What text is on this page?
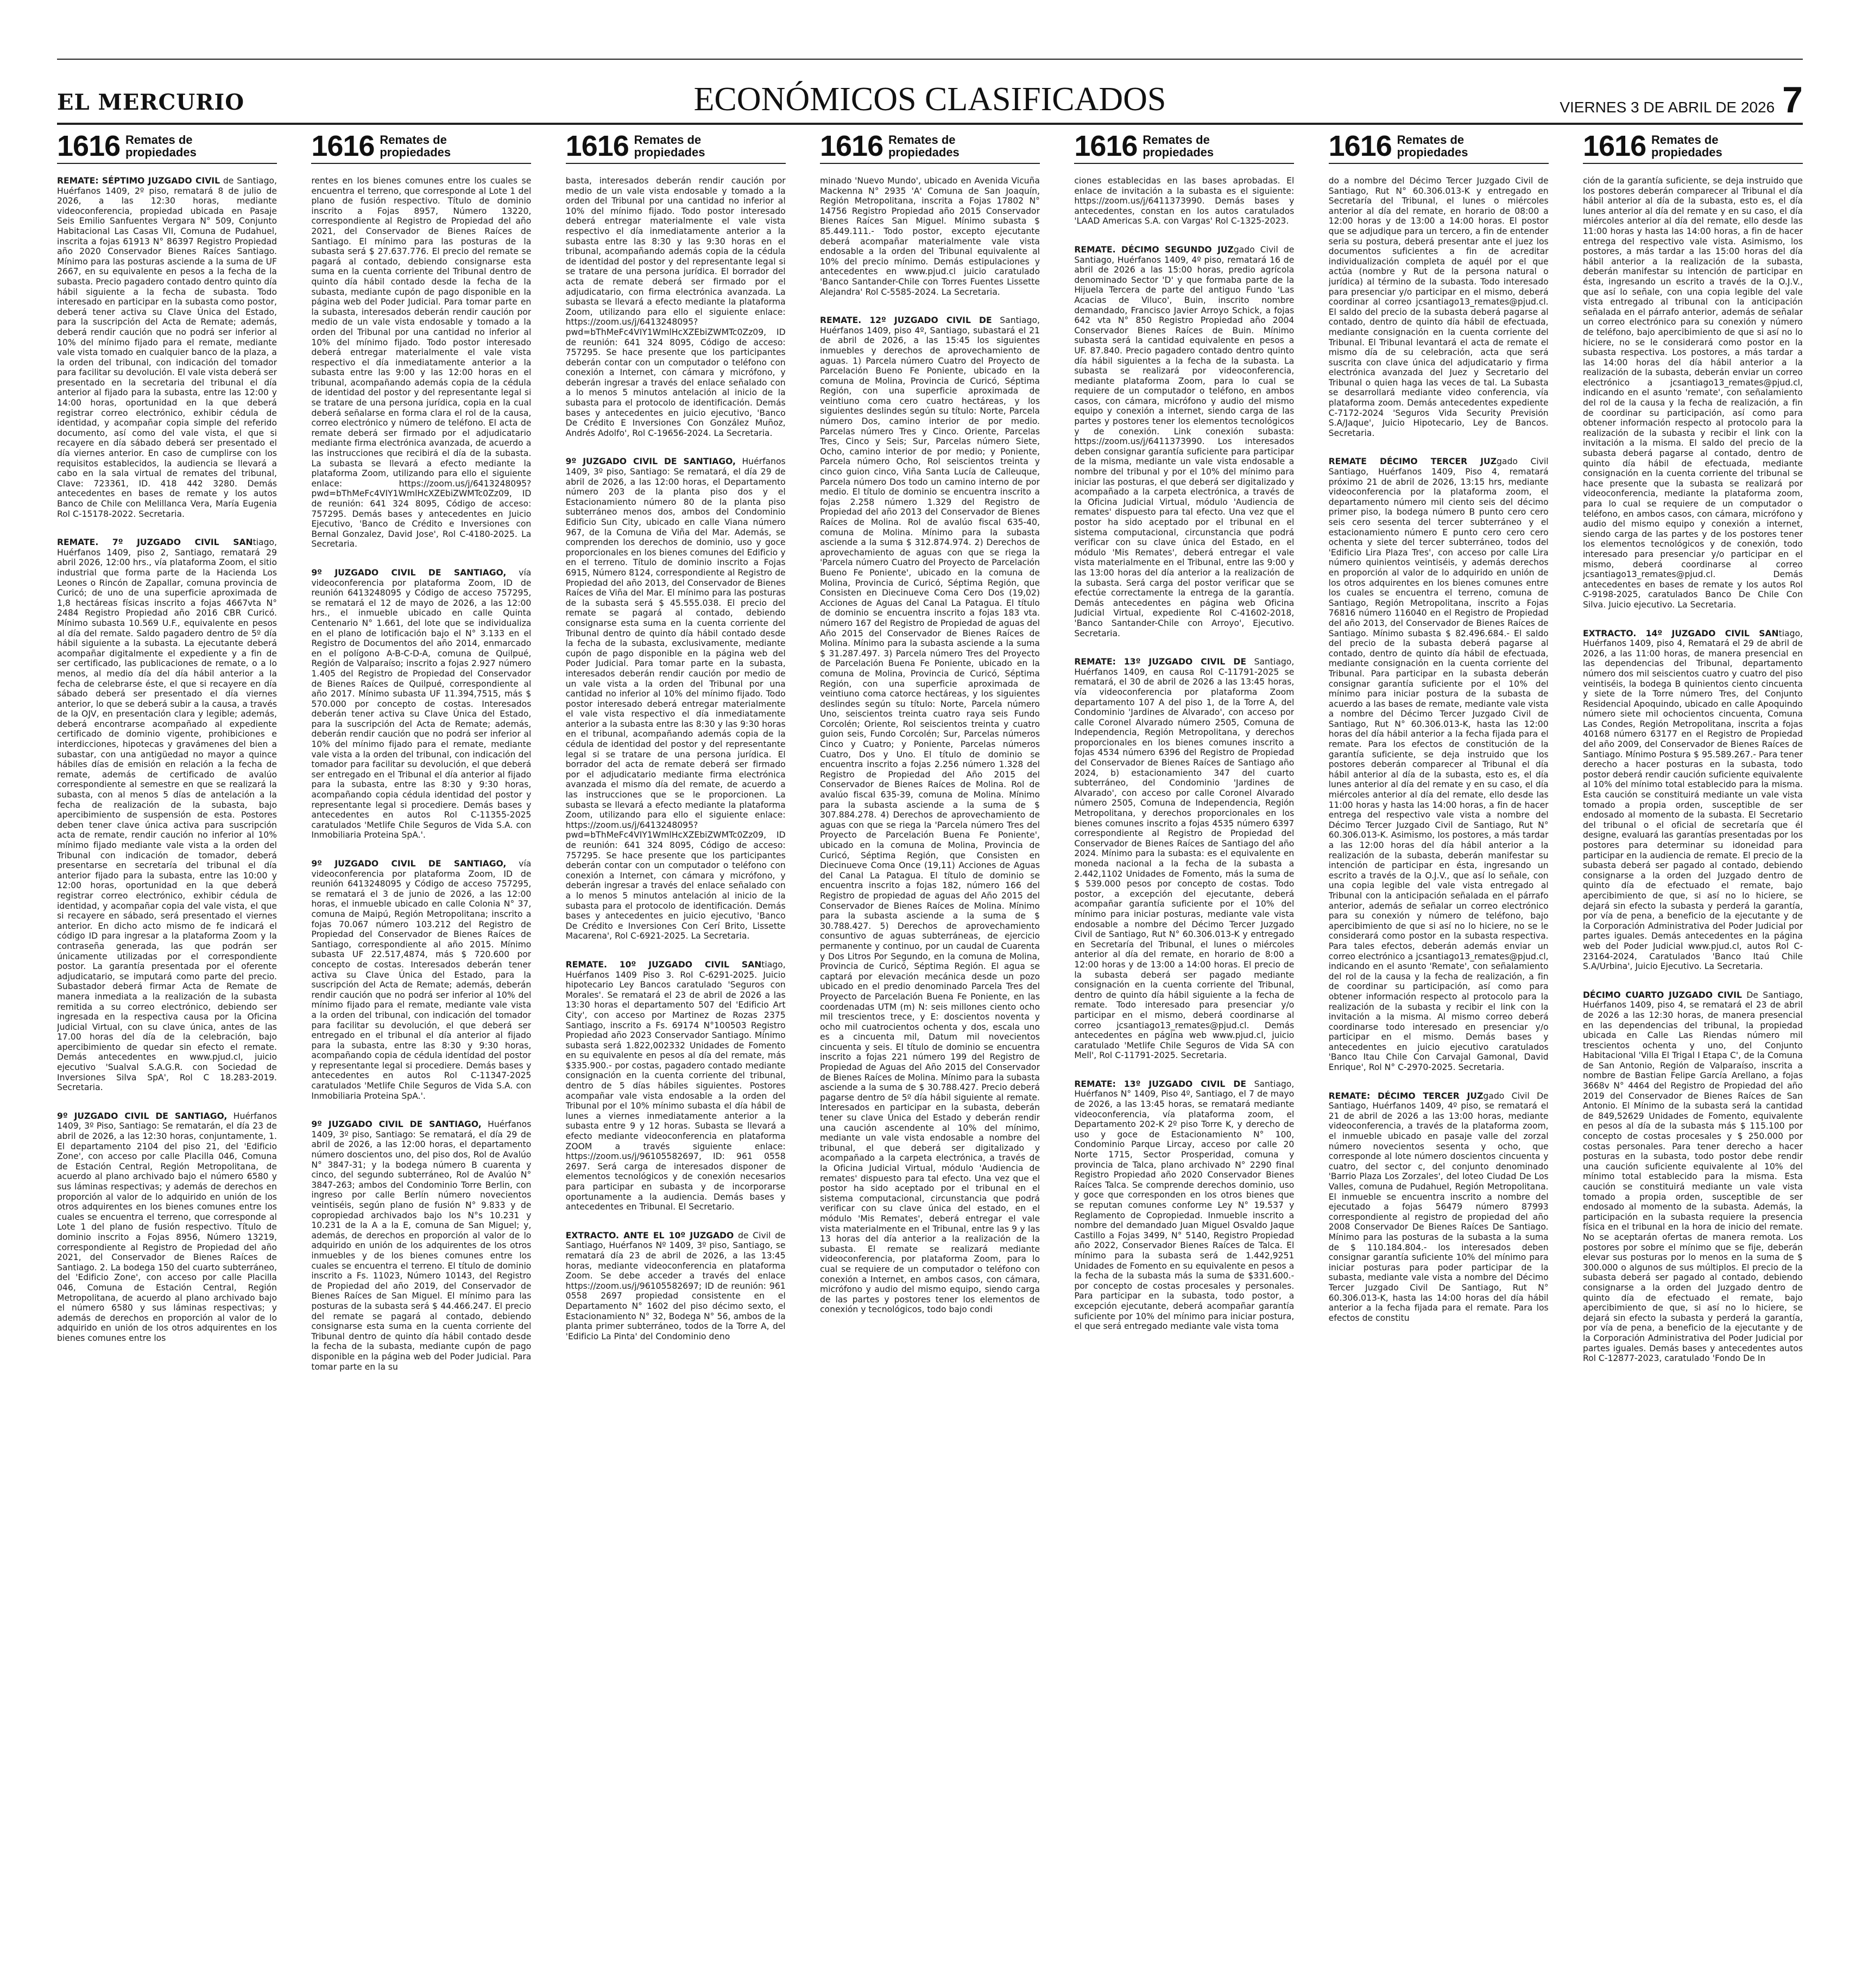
EL MERCURIO	ECONÓMICOS CLASIFICADOS	VIERNES 3 DE ABRIL DE 2026 7
1616 Remates de
propiedades

REMATE: SÉPTIMO JUZGADO CIVIL de Santiago, Huérfanos 1409, 2º piso, rematará 8 de julio de 2026, a las 12:30 horas, mediante videoconferencia, propiedad ubicada en Pasaje Seis Emilio Sanfuentes Vergara N° 509, Conjunto Habitacional Las Casas VII, Comuna de Pudahuel, inscrita a fojas 61913 N° 86397 Registro Propiedad año 2020 Conservador Bienes Raíces Santiago. Mínimo para las posturas asciende a la suma de UF 2667, en su equivalente en pesos a la fecha de la subasta. Precio pagadero contado dentro quinto día hábil siguiente a la fecha de subasta. Todo interesado en participar en la subasta como postor, deberá tener activa su Clave Única del Estado, para la suscripción del Acta de Remate; además, deberá rendir caución que no podrá ser inferior al 10% del mínimo fijado para el remate, mediante vale vista tomado en cualquier banco de la plaza, a la orden del tribunal, con indicación del tomador para facilitar su devolución. El vale vista deberá ser presentado en la secretaria del tribunal el día anterior al fijado para la subasta, entre las 12:00 y 14:00 horas, oportunidad en la que deberá registrar correo electrónico, exhibir cédula de identidad, y acompañar copia simple del referido documento, así como del vale vista, el que si recayere en día sábado deberá ser presentado el día viernes anterior. En caso de cumplirse con los requisitos establecidos, la audiencia se llevará a cabo en la sala virtual de remates del tribunal, Clave: 723361, ID. 418 442 3280. Demás antecedentes en bases de remate y los autos Banco de Chile con Melillanca Vera, María Eugenia Rol C-15178-2022. Secretaria.

REMATE. 7º JUZGADO CIVIL SANtiago, Huérfanos 1409, piso 2, Santiago, rematará 29 abril 2026, 12:00 hrs., vía plataforma Zoom, el sitio industrial que forma parte de la Hacienda Los Leones o Rincón de Zapallar, comuna provincia de Curicó; de uno de una superficie aproximada de 1,8 hectáreas físicas inscrito a fojas 4667vta N° 2484 Registro Propiedad año 2016 CBR Curicó. Mínimo subasta 10.569 U.F., equivalente en pesos al día del remate. Saldo pagadero dentro de 5º día hábil siguiente a la subasta. La ejecutante deberá acompañar digitalmente el expediente y a fin de ser certificado, las publicaciones de remate, o a lo menos, al medio día del día hábil anterior a la fecha de celebrarse éste, el que si recayere en día sábado deberá ser presentado el día viernes anterior, lo que se deberá subir a la causa, a través de la OJV, en presentación clara y legible; además, deberá encontrarse acompañado al expediente certificado de dominio vigente, prohibiciones e interdicciones, hipotecas y gravámenes del bien a subastar, con una antigüedad no mayor a quince hábiles días de emisión en relación a la fecha de remate, además de certificado de avalúo correspondiente al semestre en que se realizará la subasta, con al menos 5 días de antelación a la fecha de realización de la subasta, bajo apercibimiento de suspensión de esta. Postores deben tener clave única activa para suscripción acta de remate, rendir caución no inferior al 10% mínimo fijado mediante vale vista a la orden del Tribunal con indicación de tomador, deberá presentarse en secretaría del tribunal el día anterior fijado para la subasta, entre las 10:00 y 12:00 horas, oportunidad en la que deberá registrar correo electrónico, exhibir cédula de identidad, y acompañar copia del vale vista, el que si recayere en sábado, será presentado el viernes anterior. En dicho acto mismo de fe indicará el código ID para ingresar a la plataforma Zoom y la contraseña generada, las que podrán ser únicamente utilizadas por el correspondiente postor. La garantía presentada por el oferente adjudicatario, se imputará como parte del precio. Subastador deberá firmar Acta de Remate de manera inmediata a la realización de la subasta remitida a su correo electrónico, debiendo ser ingresada en la respectiva causa por la Oficina Judicial Virtual, con su clave única, antes de las 17.00 horas del día de la celebración, bajo apercibimiento de quedar sin efecto el remate. Demás antecedentes en www.pjud.cl, juicio ejecutivo 'Sualval S.A.G.R. con Sociedad de Inversiones Silva SpA', Rol C 18.283-2019. Secretaria.

9º JUZGADO CIVIL DE SANTIAGO, Huérfanos 1409, 3º Piso, Santiago: Se rematarán, el día 23 de abril de 2026, a las 12:30 horas, conjuntamente, 1. El departamento 2104 del piso 21, del 'Edificio Zone', con acceso por calle Placilla 046, Comuna de Estación Central, Región Metropolitana, de acuerdo al plano archivado bajo el número 6580 y sus láminas respectivas; y además de derechos en proporción al valor de lo adquirido en unión de los otros adquirentes en los bienes comunes entre los cuales se encuentra el terreno, que corresponde al Lote 1 del plano de fusión respectivo. Título de dominio inscrito a Fojas 8956, Número 13219, correspondiente al Registro de Propiedad del año 2021, del Conservador de Bienes Raíces de Santiago. 2. La bodega 150 del cuarto subterráneo, del 'Edificio Zone', con acceso por calle Placilla 046, Comuna de Estación Central, Región Metropolitana, de acuerdo al plano archivado bajo el número 6580 y sus láminas respectivas; y además de derechos en proporción al valor de lo adquirido en unión de los otros adquirentes en los bienes comunes entre los

1616 Remates de
propiedades

rentes en los bienes comunes entre los cuales se encuentra el terreno, que corresponde al Lote 1 del plano de fusión respectivo. Título de dominio inscrito a Fojas 8957, Número 13220, correspondiente al Registro de Propiedad del año 2021, del Conservador de Bienes Raíces de Santiago. El mínimo para las posturas de la subasta será $ 27.637.776. El precio del remate se pagará al contado, debiendo consignarse esta suma en la cuenta corriente del Tribunal dentro de quinto día hábil contado desde la fecha de la subasta, mediante cupón de pago disponible en la página web del Poder Judicial. Para tomar parte en la subasta, interesados deberán rendir caución por medio de un vale vista endosable y tomado a la orden del Tribunal por una cantidad no inferior al 10% del mínimo fijado. Todo postor interesado deberá entregar materialmente el vale vista respectivo el día inmediatamente anterior a la subasta entre las 9:00 y las 12:00 horas en el tribunal, acompañando además copia de la cédula de identidad del postor y del representante legal si se tratare de una persona jurídica, copia en la cual deberá señalarse en forma clara el rol de la causa, correo electrónico y número de teléfono. El acta de remate deberá ser firmado por el adjudicatario mediante firma electrónica avanzada, de acuerdo a las instrucciones que recibirá el día de la subasta. La subasta se llevará a efecto mediante la plataforma Zoom, utilizando para ello el siguiente enlace: https://zoom.us/j/6413248095?pwd=bThMeFc4VIY1WmlHcXZEbiZWMTc0Zz09, ID de reunión: 641 324 8095, Código de acceso: 757295. Demás bases y antecedentes en Juicio Ejecutivo, 'Banco de Crédito e Inversiones con Bernal Gonzalez, David Jose', Rol C-4180-2025. La Secretaria.

9º JUZGADO CIVIL DE SANTIAGO, vía videoconferencia por plataforma Zoom, ID de reunión 6413248095 y Código de acceso 757295, se rematará el 12 de mayo de 2026, a las 12:00 hrs., el inmueble ubicado en calle Quinta Centenario N° 1.661, del lote que se individualiza en el plano de lotificación bajo el N° 3.133 en el Registro de Documentos del año 2014, enmarcado en el polígono A-B-C-D-A, comuna de Quilpué, Región de Valparaíso; inscrito a fojas 2.927 número 1.405 del Registro de Propiedad del Conservador de Bienes Raíces de Quilpué, correspondiente al año 2017. Mínimo subasta UF 11.394,7515, más $ 570.000 por concepto de costas. Interesados deberán tener activa su Clave Única del Estado, para la suscripción del Acta de Remate; además, deberán rendir caución que no podrá ser inferior al 10% del mínimo fijado para el remate, mediante vale vista a la orden del tribunal, con indicación del tomador para facilitar su devolución, el que deberá ser entregado en el Tribunal el día anterior al fijado para la subasta, entre las 8:30 y 9:30 horas, acompañando copia cédula identidad del postor y representante legal si procediere. Demás bases y antecedentes en autos Rol C-11355-2025 caratulados 'Metlife Chile Seguros de Vida S.A. con Inmobiliaria Proteina SpA.'.

9º JUZGADO CIVIL DE SANTIAGO, vía videoconferencia por plataforma Zoom, ID de reunión 6413248095 y Código de acceso 757295, se rematará el 3 de junio de 2026, a las 12:00 horas, el inmueble ubicado en calle Colonia N° 37, comuna de Maipú, Región Metropolitana; inscrito a fojas 70.067 número 103.212 del Registro de Propiedad del Conservador de Bienes Raíces de Santiago, correspondiente al año 2015. Mínimo subasta UF 22.517,4874, más $ 720.600 por concepto de costas. Interesados deberán tener activa su Clave Única del Estado, para la suscripción del Acta de Remate; además, deberán rendir caución que no podrá ser inferior al 10% del mínimo fijado para el remate, mediante vale vista a la orden del tribunal, con indicación del tomador para facilitar su devolución, el que deberá ser entregado en el tribunal el día anterior al fijado para la subasta, entre las 8:30 y 9:30 horas, acompañando copia de cédula identidad del postor y representante legal si procediere. Demás bases y antecedentes en autos Rol C-11347-2025 caratulados 'Metlife Chile Seguros de Vida S.A. con Inmobiliaria Proteina SpA.'.

9º JUZGADO CIVIL DE SANTIAGO, Huérfanos 1409, 3º piso, Santiago: Se rematará, el día 29 de abril de 2026, a las 12:00 horas, el departamento número doscientos uno, del piso dos, Rol de Avalúo N° 3847-31; y la bodega número B cuarenta y cinco, del segundo subterráneo, Rol de Avalúo N° 3847-263; ambos del Condominio Torre Berlin, con ingreso por calle Berlín número novecientos veintiséis, según plano de fusión N° 9.833 y de copropiedad archivados bajo los N°s 10.231 y 10.231 de la A a la E, comuna de San Miguel; y, además, de derechos en proporción al valor de lo adquirido en unión de los adquirentes de los otros inmuebles y de los bienes comunes entre los cuales se encuentra el terreno. El título de dominio inscrito a Fs. 11023, Número 10143, del Registro de Propiedad del año 2019, del Conservador de Bienes Raíces de San Miguel. El mínimo para las posturas de la subasta será $ 44.466.247. El precio del remate se pagará al contado, debiendo consignarse esta suma en la cuenta corriente del Tribunal dentro de quinto día hábil contado desde la fecha de la subasta, mediante cupón de pago disponible en la página web del Poder Judicial. Para tomar parte en la su

1616 Remates de
propiedades

basta, interesados deberán rendir caución por medio de un vale vista endosable y tomado a la orden del Tribunal por una cantidad no inferior al 10% del mínimo fijado. Todo postor interesado deberá entregar materialmente el vale vista respectivo el día inmediatamente anterior a la subasta entre las 8:30 y las 9:30 horas en el tribunal, acompañando además copia de la cédula de identidad del postor y del representante legal si se tratare de una persona jurídica. El borrador del acta de remate deberá ser firmado por el adjudicatario, con firma electrónica avanzada. La subasta se llevará a efecto mediante la plataforma Zoom, utilizando para ello el siguiente enlace: https://zoom.us/j/6413248095?pwd=bThMeFc4VIY1WmlHcXZEbiZWMTc0Zz09, ID de reunión: 641 324 8095, Código de acceso: 757295. Se hace presente que los participantes deberán contar con un computador o teléfono con conexión a Internet, con cámara y micrófono, y deberán ingresar a través del enlace señalado con a lo menos 5 minutos antelación al inicio de la subasta para el protocolo de identificación. Demás bases y antecedentes en juicio ejecutivo, 'Banco De Crédito E Inversiones Con González Muñoz, Andrés Adolfo', Rol C-19656-2024. La Secretaria.

9º JUZGADO CIVIL DE SANTIAGO, Huérfanos 1409, 3º piso, Santiago: Se rematará, el día 29 de abril de 2026, a las 12:00 horas, el Departamento número 203 de la planta piso dos y el Estacionamiento número 80 de la planta piso subterráneo menos dos, ambos del Condominio Edificio Sun City, ubicado en calle Viana número 967, de la Comuna de Viña del Mar. Además, se comprenden los derechos de dominio, uso y goce proporcionales en los bienes comunes del Edificio y en el terreno. Título de dominio inscrito a Fojas 6915, Número 8124, correspondiente al Registro de Propiedad del año 2013, del Conservador de Bienes Raíces de Viña del Mar. El mínimo para las posturas de la subasta será $ 45.555.038. El precio del remate se pagará al contado, debiendo consignarse esta suma en la cuenta corriente del Tribunal dentro de quinto día hábil contado desde la fecha de la subasta, exclusivamente, mediante cupón de pago disponible en la página web del Poder Judicial. Para tomar parte en la subasta, interesados deberán rendir caución por medio de un vale vista a la orden del Tribunal por una cantidad no inferior al 10% del mínimo fijado. Todo postor interesado deberá entregar materialmente el vale vista respectivo el día inmediatamente anterior a la subasta entre las 8:30 y las 9:30 horas en el tribunal, acompañando además copia de la cédula de identidad del postor y del representante legal si se tratare de una persona jurídica. El borrador del acta de remate deberá ser firmado por el adjudicatario mediante firma electrónica avanzada el mismo día del remate, de acuerdo a las instrucciones que se le proporcionen. La subasta se llevará a efecto mediante la plataforma Zoom, utilizando para ello el siguiente enlace: https://zoom.us/j/6413248095?pwd=bThMeFc4VIY1WmlHcXZEbiZWMTc0Zz09, ID de reunión: 641 324 8095, Código de acceso: 757295. Se hace presente que los participantes deberán contar con un computador o teléfono con conexión a Internet, con cámara y micrófono, y deberán ingresar a través del enlace señalado con a lo menos 5 minutos antelación al inicio de la subasta para el protocolo de identificación. Demás bases y antecedentes en juicio ejecutivo, 'Banco De Crédito e Inversiones Con Cerí Brito, Lissette Macarena', Rol C-6921-2025. La Secretaria.

REMATE. 10º JUZGADO CIVIL SANtiago, Huérfanos 1409 Piso 3. Rol C-6291-2025. Juicio hipotecario Ley Bancos caratulado 'Seguros con Morales'. Se rematará el 23 de abril de 2026 a las 13:30 horas el departamento 507 del 'Edificio Art City', con acceso por Martinez de Rozas 2375 Santiago, inscrito a Fs. 69174 N°100503 Registro Propiedad año 2023 Conservador Santiago. Mínimo subasta será 1.822,002332 Unidades de Fomento en su equivalente en pesos al día del remate, más $335.900.- por costas, pagadero contado mediante consignación en la cuenta corriente del tribunal, dentro de 5 días hábiles siguientes. Postores acompañar vale vista endosable a la orden del Tribunal por el 10% mínimo subasta el día hábil de lunes a viernes inmediatamente anterior a la subasta entre 9 y 12 horas. Subasta se llevará a efecto mediante videoconferencia en plataforma ZOOM a través siguiente enlace: https://zoom.us/j/96105582697, ID: 961 0558 2697. Será carga de interesados disponer de elementos tecnológicos y de conexión necesarios para participar en subasta y de incorporarse oportunamente a la audiencia. Demás bases y antecedentes en Tribunal. El Secretario.

EXTRACTO. ANTE EL 10º JUZGADO de Civil de Santiago, Huérfanos Nº 1409, 3º piso, Santiago, se rematará día 23 de abril de 2026, a las 13:45 horas, mediante videoconferencia en plataforma Zoom. Se debe acceder a través del enlace https://zoom.us/j/96105582697; ID de reunión: 961 0558 2697 propiedad consistente en el Departamento N° 1602 del piso décimo sexto, el Estacionamiento N° 32, Bodega N° 56, ambos de la planta primer subterráneo, todos de la Torre A, del 'Edificio La Pinta' del Condominio deno

1616 Remates de
propiedades

minado 'Nuevo Mundo', ubicado en Avenida Vicuña Mackenna N° 2935 'A' Comuna de San Joaquín, Región Metropolitana, inscrita a Fojas 17802 N° 14756 Registro Propiedad año 2015 Conservador Bienes Raíces San Miguel. Mínimo subasta $ 85.449.111.- Todo postor, excepto ejecutante deberá acompañar materialmente vale vista endosable a la orden del Tribunal equivalente al 10% del precio mínimo. Demás estipulaciones y antecedentes en www.pjud.cl juicio caratulado 'Banco Santander-Chile con Torres Fuentes Lissette Alejandra' Rol C-5585-2024. La Secretaria.

REMATE. 12º JUZGADO CIVIL DE Santiago, Huérfanos 1409, piso 4º, Santiago, subastará el 21 de abril de 2026, a las 15:45 los siguientes inmuebles y derechos de aprovechamiento de aguas. 1) Parcela número Cuatro del Proyecto de Parcelación Bueno Fe Poniente, ubicado en la comuna de Molina, Provincia de Curicó, Séptima Región, con una superficie aproximada de veintiuno coma cero cuatro hectáreas, y los siguientes deslindes según su título: Norte, Parcela número Dos, camino interior de por medio. Parcelas número Tres y Cinco. Oriente, Parcelas Tres, Cinco y Seis; Sur, Parcelas número Siete, Ocho, camino interior de por medio; y Poniente, Parcela número Ocho, Rol seiscientos treinta y cinco guion cinco, Viña Santa Lucía de Calleuque, Parcela número Dos todo un camino interno de por medio. El título de dominio se encuentra inscrito a fojas 2.258 número 1.329 del Registro de Propiedad del año 2013 del Conservador de Bienes Raíces de Molina. Rol de avalúo fiscal 635-40, comuna de Molina. Mínimo para la subasta asciende a la suma $ 312.874.974. 2) Derechos de aprovechamiento de aguas con que se riega la 'Parcela número Cuatro del Proyecto de Parcelación Bueno Fe Poniente', ubicado en la comuna de Molina, Provincia de Curicó, Séptima Región, que Consisten en Diecinueve Coma Cero Dos (19,02) Acciones de Aguas del Canal La Patagua. El título de dominio se encuentra inscrito a fojas 183 vta. número 167 del Registro de Propiedad de aguas del Año 2015 del Conservador de Bienes Raíces de Molina. Mínimo para la subasta asciende a la suma $ 31.287.497. 3) Parcela número Tres del Proyecto de Parcelación Buena Fe Poniente, ubicado en la comuna de Molina, Provincia de Curicó, Séptima Región, con una superficie aproximada de veintiuno coma catorce hectáreas, y los siguientes deslindes según su título: Norte, Parcela número Uno, seiscientos treinta cuatro raya seis Fundo Corcolén; Oriente, Rol seiscientos treinta y cuatro guion seis, Fundo Corcolén; Sur, Parcelas números Cinco y Cuatro; y Poniente, Parcelas números Cuatro, Dos y Uno. El título de dominio se encuentra inscrito a fojas 2.256 número 1.328 del Registro de Propiedad del Año 2015 del Conservador de Bienes Raíces de Molina. Rol de avalúo fiscal 635-39, comuna de Molina. Mínimo para la subasta asciende a la suma de $ 307.884.278. 4) Derechos de aprovechamiento de aguas con que se riega la 'Parcela número Tres del Proyecto de Parcelación Buena Fe Poniente', ubicado en la comuna de Molina, Provincia de Curicó, Séptima Región, que Consisten en Diecinueve Coma Once (19,11) Acciones de Aguas del Canal La Patagua. El título de dominio se encuentra inscrito a fojas 182, número 166 del Registro de propiedad de aguas del Año 2015 del Conservador de Bienes Raíces de Molina. Mínimo para la subasta asciende a la suma de $ 30.788.427. 5) Derechos de aprovechamiento consuntivo de aguas subterráneas, de ejercicio permanente y continuo, por un caudal de Cuarenta y Dos Litros Por Segundo, en la comuna de Molina, Provincia de Curicó, Séptima Región. El agua se captará por elevación mecánica desde un pozo ubicado en el predio denominado Parcela Tres del Proyecto de Parcelación Buena Fe Poniente, en las coordenadas UTM (m) N: seis millones ciento ocho mil trescientos trece, y E: doscientos noventa y ocho mil cuatrocientos ochenta y dos, escala uno es a cincuenta mil, Datum mil novecientos cincuenta y seis. El título de dominio se encuentra inscrito a fojas 221 número 199 del Registro de Propiedad de Aguas del Año 2015 del Conservador de Bienes Raíces de Molina. Mínimo para la subasta asciende a la suma de $ 30.788.427. Precio deberá pagarse dentro de 5º día hábil siguiente al remate. Interesados en participar en la subasta, deberán tener su clave Única del Estado y deberán rendir una caución ascendente al 10% del mínimo, mediante un vale vista endosable a nombre del tribunal, el que deberá ser digitalizado y acompañado a la carpeta electrónica, a través de la Oficina Judicial Virtual, módulo 'Audiencia de remates' dispuesto para tal efecto. Una vez que el postor ha sido aceptado por el tribunal en el sistema computacional, circunstancia que podrá verificar con su clave única del estado, en el módulo 'Mis Remates', deberá entregar el vale vista materialmente en el Tribunal, entre las 9 y las 13 horas del día anterior a la realización de la subasta. El remate se realizará mediante videoconferencia, por plataforma Zoom, para lo cual se requiere de un computador o teléfono con conexión a Internet, en ambos casos, con cámara, micrófono y audio del mismo equipo, siendo carga de las partes y postores tener los elementos de conexión y tecnológicos, todo bajo condi

1616 Remates de
propiedades

ciones establecidas en las bases aprobadas. El enlace de invitación a la subasta es el siguiente: https://zoom.us/j/6411373990. Demás bases y antecedentes, constan en los autos caratulados 'LAAD Americas S.A. con Vargas' Rol C-1325-2023.

REMATE. DÉCIMO SEGUNDO JUZgado Civil de Santiago, Huérfanos 1409, 4º piso, rematará 16 de abril de 2026 a las 15:00 horas, predio agrícola denominado Sector 'D' y que formaba parte de la Hijuela Tercera de parte del antiguo Fundo 'Las Acacias de Viluco', Buin, inscrito nombre demandado, Francisco Javier Arroyo Schick, a fojas 642 vta N° 850 Registro Propiedad año 2004 Conservador Bienes Raíces de Buin. Mínimo subasta será la cantidad equivalente en pesos a UF. 87.840. Precio pagadero contado dentro quinto día hábil siguientes a la fecha de la subasta. La subasta se realizará por videoconferencia, mediante plataforma Zoom, para lo cual se requiere de un computador o teléfono, en ambos casos, con cámara, micrófono y audio del mismo equipo y conexión a internet, siendo carga de las partes y postores tener los elementos tecnológicos y de conexión. Link conexión subasta: https://zoom.us/j/6411373990. Los interesados deben consignar garantía suficiente para participar de la misma, mediante un vale vista endosable a nombre del tribunal y por el 10% del mínimo para iniciar las posturas, el que deberá ser digitalizado y acompañado a la carpeta electrónica, a través de la Oficina Judicial Virtual, módulo 'Audiencia de remates' dispuesto para tal efecto. Una vez que el postor ha sido aceptado por el tribunal en el sistema computacional, circunstancia que podrá verificar con su clave única del Estado, en el módulo 'Mis Remates', deberá entregar el vale vista materialmente en el Tribunal, entre las 9:00 y las 13:00 horas del día anterior a la realización de la subasta. Será carga del postor verificar que se efectúe correctamente la entrega de la garantía. Demás antecedentes en página web Oficina Judicial Virtual, expediente Rol C-41602-2018, 'Banco Santander-Chile con Arroyo', Ejecutivo. Secretaria.

REMATE: 13º JUZGADO CIVIL DE Santiago, Huérfanos 1409, en causa Rol C-11791-2025 se rematará, el 30 de abril de 2026 a las 13:45 horas, vía videoconferencia por plataforma Zoom departamento 107 A del piso 1, de la Torre A, del Condominio 'Jardines de Alvarado', con acceso por calle Coronel Alvarado número 2505, Comuna de Independencia, Región Metropolitana, y derechos proporcionales en los bienes comunes inscrito a fojas 4534 número 6396 del Registro de Propiedad del Conservador de Bienes Raíces de Santiago año 2024, b) estacionamiento 347 del cuarto subterráneo, del Condominio 'Jardines de Alvarado', con acceso por calle Coronel Alvarado número 2505, Comuna de Independencia, Región Metropolitana, y derechos proporcionales en los bienes comunes inscrito a fojas 4535 número 6397 correspondiente al Registro de Propiedad del Conservador de Bienes Raíces de Santiago del año 2024. Mínimo para la subasta: es el equivalente en moneda nacional a la fecha de la subasta a 2.442,1102 Unidades de Fomento, más la suma de $ 539.000 pesos por concepto de costas. Todo postor, a excepción del ejecutante, deberá acompañar garantía suficiente por el 10% del mínimo para iniciar posturas, mediante vale vista endosable a nombre del Décimo Tercer Juzgado Civil de Santiago, Rut N° 60.306.013-K y entregado en Secretaría del Tribunal, el lunes o miércoles anterior al día del remate, en horario de 8:00 a 12:00 horas y de 13:00 a 14:00 horas. El precio de la subasta deberá ser pagado mediante consignación en la cuenta corriente del Tribunal, dentro de quinto día hábil siguiente a la fecha de remate. Todo interesado para presenciar y/o participar en el mismo, deberá coordinarse al correo jcsantiago13_remates@pjud.cl. Demás antecedentes en página web www.pjud.cl, juicio caratulado 'Metlife Chile Seguros de Vida SA con Mell', Rol C-11791-2025. Secretaria.

REMATE: 13º JUZGADO CIVIL DE Santiago, Huérfanos N° 1409, Piso 4º, Santiago, el 7 de mayo de 2026, a las 13:45 horas, se rematará mediante videoconferencia, vía plataforma zoom, el Departamento 202-K 2º piso Torre K, y derecho de uso y goce de Estacionamiento N° 100, Condominio Parque Lircay, acceso por calle 20 Norte 1715, Sector Prosperidad, comuna y provincia de Talca, plano archivado N° 2290 final Registro Propiedad año 2020 Conservador Bienes Raíces Talca. Se comprende derechos dominio, uso y goce que corresponden en los otros bienes que se reputan comunes conforme Ley N° 19.537 y Reglamento de Copropiedad. Inmueble inscrito a nombre del demandado Juan Miguel Osvaldo Jaque Castillo a Fojas 3499, N° 5140, Registro Propiedad año 2022, Conservador Bienes Raíces de Talca. El mínimo para la subasta será de 1.442,9251 Unidades de Fomento en su equivalente en pesos a la fecha de la subasta más la suma de $331.600.- por concepto de costas procesales y personales. Para participar en la subasta, todo postor, a excepción ejecutante, deberá acompañar garantía suficiente por 10% del mínimo para iniciar postura, el que será entregado mediante vale vista toma

1616 Remates de
propiedades

do a nombre del Décimo Tercer Juzgado Civil de Santiago, Rut N° 60.306.013-K y entregado en Secretaría del Tribunal, el lunes o miércoles anterior al día del remate, en horario de 08:00 a 12:00 horas y de 13:00 a 14:00 horas. El postor que se adjudique para un tercero, a fin de entender seria su postura, deberá presentar ante el juez los documentos suficientes a fin de acreditar individualización completa de aquél por el que actúa (nombre y Rut de la persona natural o jurídica) al término de la subasta. Todo interesado para presenciar y/o participar en el mismo, deberá coordinar al correo jcsantiago13_remates@pjud.cl. El saldo del precio de la subasta deberá pagarse al contado, dentro de quinto día hábil de efectuada, mediante consignación en la cuenta corriente del Tribunal. El Tribunal levantará el acta de remate el mismo día de su celebración, acta que será suscrita con clave única del adjudicatario y firma electrónica avanzada del Juez y Secretario del Tribunal o quien haga las veces de tal. La Subasta se desarrollará mediante video conferencia, vía plataforma zoom. Demás antecedentes expediente C-7172-2024 'Seguros Vida Security Previsión S.A/Jaque', Juicio Hipotecario, Ley de Bancos. Secretaria.

REMATE DÉCIMO TERCER JUZgado Civil Santiago, Huérfanos 1409, Piso 4, rematará próximo 21 de abril de 2026, 13:15 hrs, mediante videoconferencia por la plataforma zoom, el departamento número mil ciento seis del décimo primer piso, la bodega número B punto cero cero seis cero sesenta del tercer subterráneo y el estacionamiento número E punto cero cero cero ochenta y siete del tercer subterráneo, todos del 'Edificio Lira Plaza Tres', con acceso por calle Lira número quinientos veintiséis, y además derechos en proporción al valor de lo adquirido en unión de los otros adquirentes en los bienes comunes entre los cuales se encuentra el terreno, comuna de Santiago, Región Metropolitana, inscrito a Fojas 76816 número 116040 en el Registro de Propiedad del año 2013, del Conservador de Bienes Raíces de Santiago. Mínimo subasta $ 82.496.684.- El saldo del precio de la subasta deberá pagarse al contado, dentro de quinto día hábil de efectuada, mediante consignación en la cuenta corriente del Tribunal. Para participar en la subasta deberán consignar garantía suficiente por el 10% del mínimo para iniciar postura de la subasta de acuerdo a las bases de remate, mediante vale vista a nombre del Décimo Tercer Juzgado Civil de Santiago, Rut N° 60.306.013-K, hasta las 12:00 horas del día hábil anterior a la fecha fijada para el remate. Para los efectos de constitución de la garantía suficiente, se deja instruido que los postores deberán comparecer al Tribunal el día hábil anterior al día de la subasta, esto es, el día lunes anterior al día del remate y en su caso, el día miércoles anterior al día del remate, ello desde las 11:00 horas y hasta las 14:00 horas, a fin de hacer entrega del respectivo vale vista a nombre del Décimo Tercer Juzgado Civil de Santiago, Rut N° 60.306.013-K. Asimismo, los postores, a más tardar a las 12:00 horas del día hábil anterior a la realización de la subasta, deberán manifestar su intención de participar en ésta, ingresando un escrito a través de la O.J.V., que así lo señale, con una copia legible del vale vista entregado al Tribunal con la anticipación señalada en el párrafo anterior, además de señalar un correo electrónico para su conexión y número de teléfono, bajo apercibimiento de que si así no lo hiciere, no se le considerará como postor en la subasta respectiva. Para tales efectos, deberán además enviar un correo electrónico a jcsantiago13_remates@pjud.cl, indicando en el asunto 'Remate', con señalamiento del rol de la causa y la fecha de realización, a fin de coordinar su participación, así como para obtener información respecto al protocolo para la realización de la subasta y recibir el link con la invitación a la misma. Al mismo correo deberá coordinarse todo interesado en presenciar y/o participar en el mismo. Demás bases y antecedentes en juicio ejecutivo caratulados 'Banco Itau Chile Con Carvajal Gamonal, David Enrique', Rol N° C-2970-2025. Secretaria.

REMATE: DÉCIMO TERCER JUZgado Civil De Santiago, Huérfanos 1409, 4º piso, se rematará el 21 de abril de 2026 a las 13:00 horas, mediante videoconferencia, a través de la plataforma zoom, el inmueble ubicado en pasaje valle del zorzal número novecientos sesenta y ocho, que corresponde al lote número doscientos cincuenta y cuatro, del sector c, del conjunto denominado 'Barrio Plaza Los Zorzales', del loteo Ciudad De Los Valles, comuna de Pudahuel, Región Metropolitana. El inmueble se encuentra inscrito a nombre del ejecutado a fojas 56479 número 87993 correspondiente al registro de propiedad del año 2008 Conservador De Bienes Raíces De Santiago. Mínimo para las posturas de la subasta a la suma de $ 110.184.804.- los interesados deben consignar garantía suficiente 10% del mínimo para iniciar posturas para poder participar de la subasta, mediante vale vista a nombre del Décimo Tercer Juzgado Civil De Santiago, Rut N° 60.306.013-K, hasta las 14:00 horas del día hábil anterior a la fecha fijada para el remate. Para los efectos de constitu

1616 Remates de
propiedades

ción de la garantía suficiente, se deja instruido que los postores deberán comparecer al Tribunal el día hábil anterior al día de la subasta, esto es, el día lunes anterior al día del remate y en su caso, el día miércoles anterior al día del remate, ello desde las 11:00 horas y hasta las 14:00 horas, a fin de hacer entrega del respectivo vale vista. Asimismo, los postores, a más tardar a las 15:00 horas del día hábil anterior a la realización de la subasta, deberán manifestar su intención de participar en ésta, ingresando un escrito a través de la O.J.V., que así lo señale, con una copia legible del vale vista entregado al tribunal con la anticipación señalada en el párrafo anterior, además de señalar un correo electrónico para su conexión y número de teléfono, bajo apercibimiento de que si así no lo hiciere, no se le considerará como postor en la subasta respectiva. Los postores, a más tardar a las 14:00 horas del día hábil anterior a la realización de la subasta, deberán enviar un correo electrónico a jcsantiago13_remates@pjud.cl, indicando en el asunto 'remate', con señalamiento del rol de la causa y la fecha de realización, a fin de coordinar su participación, así como para obtener información respecto al protocolo para la realización de la subasta y recibir el link con la invitación a la misma. El saldo del precio de la subasta deberá pagarse al contado, dentro de quinto día hábil de efectuada, mediante consignación en la cuenta corriente del tribunal se hace presente que la subasta se realizará por videoconferencia, mediante la plataforma zoom, para lo cual se requiere de un computador o teléfono, en ambos casos, con cámara, micrófono y audio del mismo equipo y conexión a internet, siendo carga de las partes y de los postores tener los elementos tecnológicos y de conexión, todo interesado para presenciar y/o participar en el mismo, deberá coordinarse al correo jcsantiago13_remates@pjud.cl. Demás antecedentes en bases de remate y los autos Rol C-9198-2025, caratulados Banco De Chile Con Silva. Juicio ejecutivo. La Secretaria.

EXTRACTO. 14º JUZGADO CIVIL SANtiago, Huérfanos 1409, piso 4, Rematará el 29 de abril de 2026, a las 11:00 horas, de manera presencial en las dependencias del Tribunal, departamento número dos mil seiscientos cuatro y cuatro del piso veintiséis, la bodega B quinientos ciento cincuenta y siete de la Torre número Tres, del Conjunto Residencial Apoquindo, ubicado en calle Apoquindo número siete mil ochocientos cincuenta, Comuna Las Condes, Región Metropolitana, inscrita a fojas 40168 número 63177 en el Registro de Propiedad del año 2009, del Conservador de Bienes Raíces de Santiago. Mínimo Postura $ 95.589.267.- Para tener derecho a hacer posturas en la subasta, todo postor deberá rendir caución suficiente equivalente al 10% del mínimo total establecido para la misma. Esta caución se constituirá mediante un vale vista tomado a propia orden, susceptible de ser endosado al momento de la subasta. El Secretario del tribunal o el oficial de secretaría que él designe, evaluará las garantías presentadas por los postores para determinar su idoneidad para participar en la audiencia de remate. El precio de la subasta deberá ser pagado al contado, debiendo consignarse a la orden del Juzgado dentro de quinto día de efectuado el remate, bajo apercibimiento de que, si así no lo hiciere, se dejará sin efecto la subasta y perderá la garantía, por vía de pena, a beneficio de la ejecutante y de la Corporación Administrativa del Poder Judicial por partes iguales. Demás antecedentes en la página web del Poder Judicial www.pjud.cl, autos Rol C-23164-2024, Caratulados 'Banco Itaú Chile S.A/Urbina', Juicio Ejecutivo. La Secretaria.

DÉCIMO CUARTO JUZGADO CIVIL De Santiago, Huérfanos 1409, piso 4, se rematará el 23 de abril de 2026 a las 12:30 horas, de manera presencial en las dependencias del tribunal, la propiedad ubicada en Calle Las Riendas número mil trescientos ochenta y uno, del Conjunto Habitacional 'Villa El Trigal I Etapa C', de la Comuna de San Antonio, Región de Valparaíso, inscrita a nombre de Bastian Felipe García Arellano, a fojas 3668v N° 4464 del Registro de Propiedad del año 2019 del Conservador de Bienes Raíces de San Antonio. El Mínimo de la subasta será la cantidad de 849,52629 Unidades de Fomento, equivalente en pesos al día de la subasta más $ 115.100 por concepto de costas procesales y $ 250.000 por costas personales. Para tener derecho a hacer posturas en la subasta, todo postor debe rendir una caución suficiente equivalente al 10% del mínimo total establecido para la misma. Esta caución se constituirá mediante un vale vista tomado a propia orden, susceptible de ser endosado al momento de la subasta. Además, la participación en la subasta requiere la presencia física en el tribunal en la hora de inicio del remate. No se aceptarán ofertas de manera remota. Los postores por sobre el mínimo que se fije, deberán elevar sus posturas por lo menos en la suma de $ 300.000 o algunos de sus múltiplos. El precio de la subasta deberá ser pagado al contado, debiendo consignarse a la orden del Juzgado dentro de quinto día de efectuado el remate, bajo apercibimiento de que, si así no lo hiciere, se dejará sin efecto la subasta y perderá la garantía, por vía de pena, a beneficio de la ejecutante y de la Corporación Administrativa del Poder Judicial por partes iguales. Demás bases y antecedentes autos Rol C-12877-2023, caratulado 'Fondo De In
